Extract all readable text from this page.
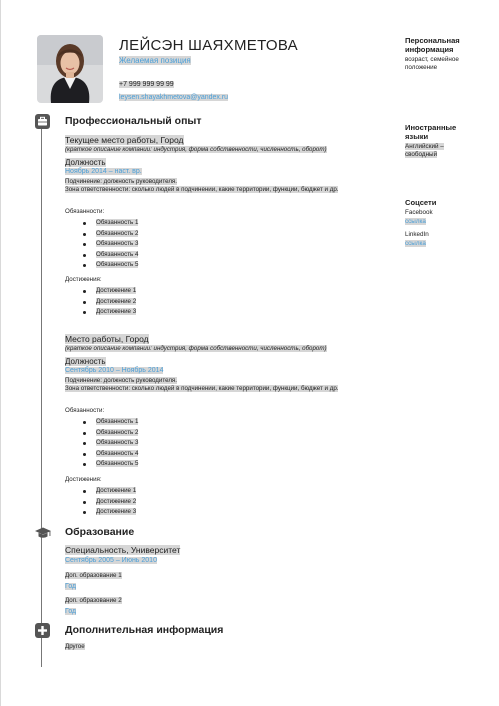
ЛЕЙСЭН ШАЯХМЕТОВА
Желаемая позиция
+7 999 999 99 99
leysen.shayakhmetova@yandex.ru
Профессиональный опыт
Текущее место работы, Город
(краткое описание компании: индустрия, форма собственности, численность, оборот)
Должность
Ноябрь 2014 – наст. вр.
Подчинение: должность руководителя.
Зона ответственности: сколько людей в подчинении, какие территории, функции, бюджет и др.
Обязанности:
Обязанность 1
Обязанность 2
Обязанность 3
Обязанность 4
Обязанность 5
Достижения:
Достижение 1
Достижение 2
Достижение 3
Место работы, Город
(краткое описание компании: индустрия, форма собственности, численность, оборот)
Должность
Сентябрь 2010 – Ноябрь 2014
Подчинение: должность руководителя.
Зона ответственности: сколько людей в подчинении, какие территории, функции, бюджет и др.
Обязанности:
Обязанность 1
Обязанность 2
Обязанность 3
Обязанность 4
Обязанность 5
Достижения:
Достижение 1
Достижение 2
Достижение 3
Образование
Специальность, Университет
Сентябрь 2005 – Июнь 2010
Доп. образование 1
Год
Доп. образование 2
Год
Дополнительная информация
Другое
Персональная информация
возраст, семейное положение
Иностранные языки
Английский – свободный
Соцсети
Facebook
ссылка
LinkedIn
ссылка
